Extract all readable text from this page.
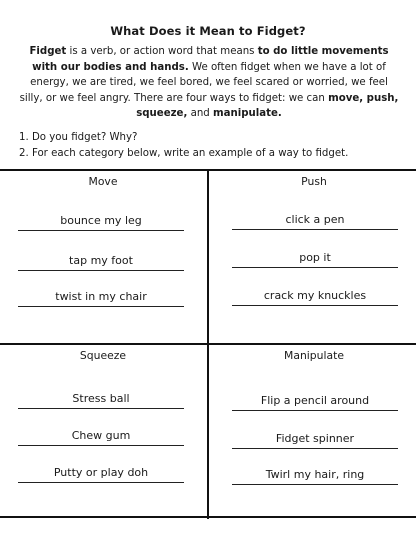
What Does it Mean to Fidget?
Fidget is a verb, or action word that means to do little movements with our bodies and hands. We often fidget when we have a lot of energy, we are tired, we feel bored, we feel scared or worried, we feel silly, or we feel angry. There are four ways to fidget: we can move, push, squeeze, and manipulate.
1. Do you fidget? Why?
2. For each category below, write an example of a way to fidget.
Move
bounce my leg
tap my foot
twist in my chair
Push
click a pen
pop it
crack my knuckles
Squeeze
Stress ball
Chew gum
Putty or play doh
Manipulate
Flip a pencil around
Fidget spinner
Twirl my hair, ring
